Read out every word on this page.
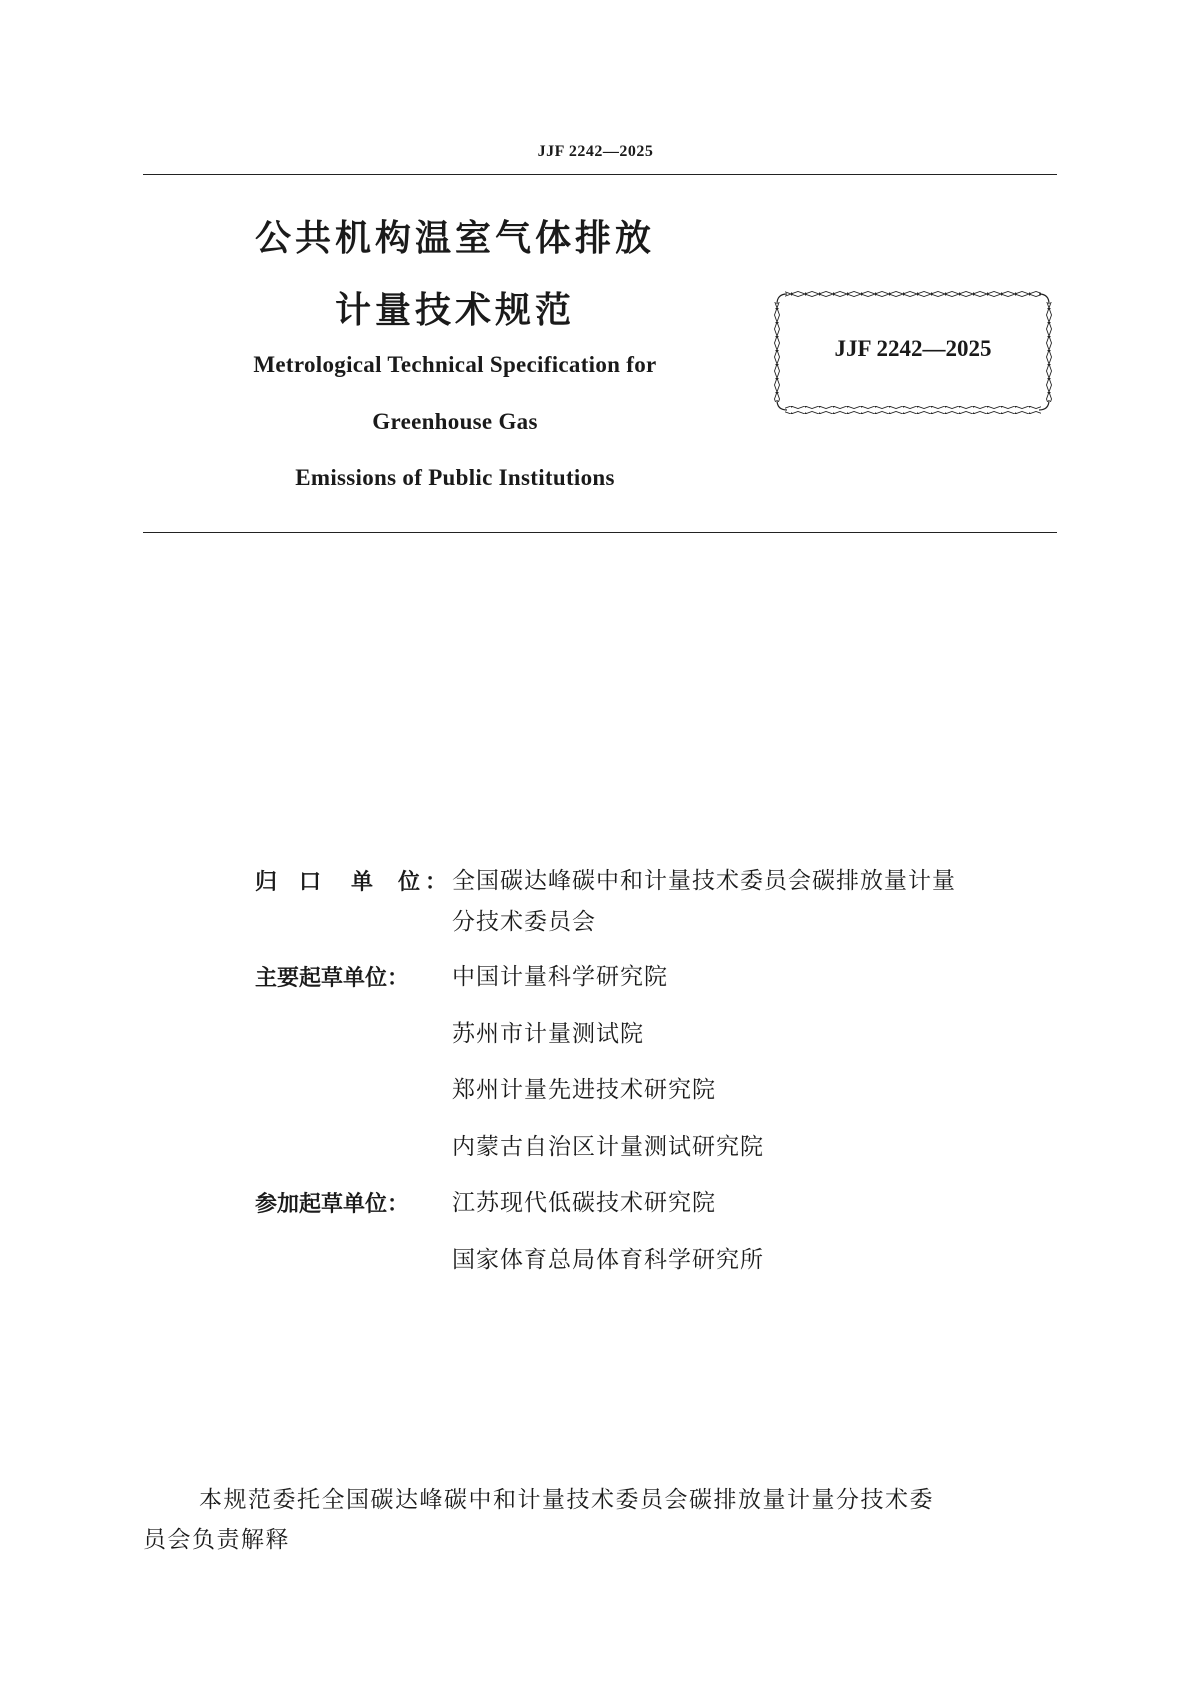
JJF 2242—2025
公共机构温室气体排放
计量技术规范
Metrological Technical Specification for
Greenhouse Gas
Emissions of Public Institutions
JJF 2242—2025
归 口 单 位 ： 全国碳达峰碳中和计量技术委员会碳排放量计量
分技术委员会
主要起草单位： 中国计量科学研究院
苏州市计量测试院
郑州计量先进技术研究院
内蒙古自治区计量测试研究院
参加起草单位： 江苏现代低碳技术研究院
国家体育总局体育科学研究所
本规范委托全国碳达峰碳中和计量技术委员会碳排放量计量分技术委
员会负责解释
